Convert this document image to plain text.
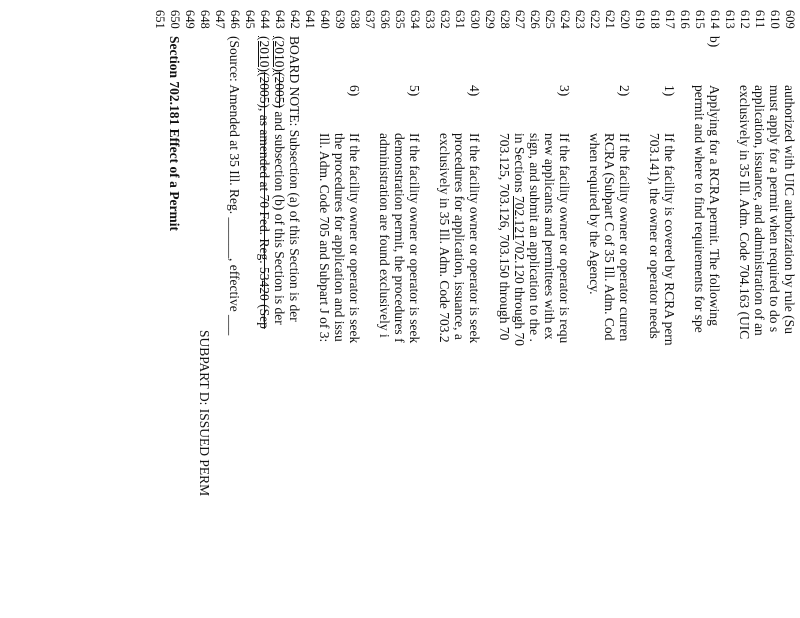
609
authorized with UIC authorization by rule (Su
610
must apply for a permit when required to do s
611
application, issuance, and administration of an
612
exclusively in 35 Ill. Adm. Code 704.163 (UIC
613
614
b)
Applying for a RCRA permit. The following
615
permit and where to find requirements for spe
616
617
1)
If the facility is covered by RCRA pern
618
703.141), the owner or operator needs
619
620
2)
If the facility owner or operator curren
621
RCRA (Subpart C of 35 Ill. Adm. Cod
622
when required by the Agency.
623
624
3)
If the facility owner or operator is requ
625
new applicants and permittees with ex
626
sign, and submit an application to the .
627
in Sections 702.121702.120 through 70
628
703.125, 703.126, 703.150 through 70
629
630
4)
If the facility owner or operator is seek
631
procedures for application, issuance, a
632
exclusively in 35 Ill. Adm. Code 703.2
633
634
5)
If the facility owner or operator is seek
635
demonstration permit, the procedures f
636
administration are found exclusively i
637
638
6)
If the facility owner or operator is seek
639
the procedures for application and issu
640
Ill. Adm. Code 705 and Subpart J of 3:
641
642
BOARD NOTE: Subsection (a) of this Section is der
643
(2010)(2005) and subsection (b) of this Section is der
644
(2010)(2005), as amended at 70 Fed. Reg. 53420 (Sep
645
646
(Source: Amended at 35 Ill. Reg. ______, effective ___
647
648
SUBPART D: ISSUED PERM
649
650
Section 702.181 Effect of a Permit
651
